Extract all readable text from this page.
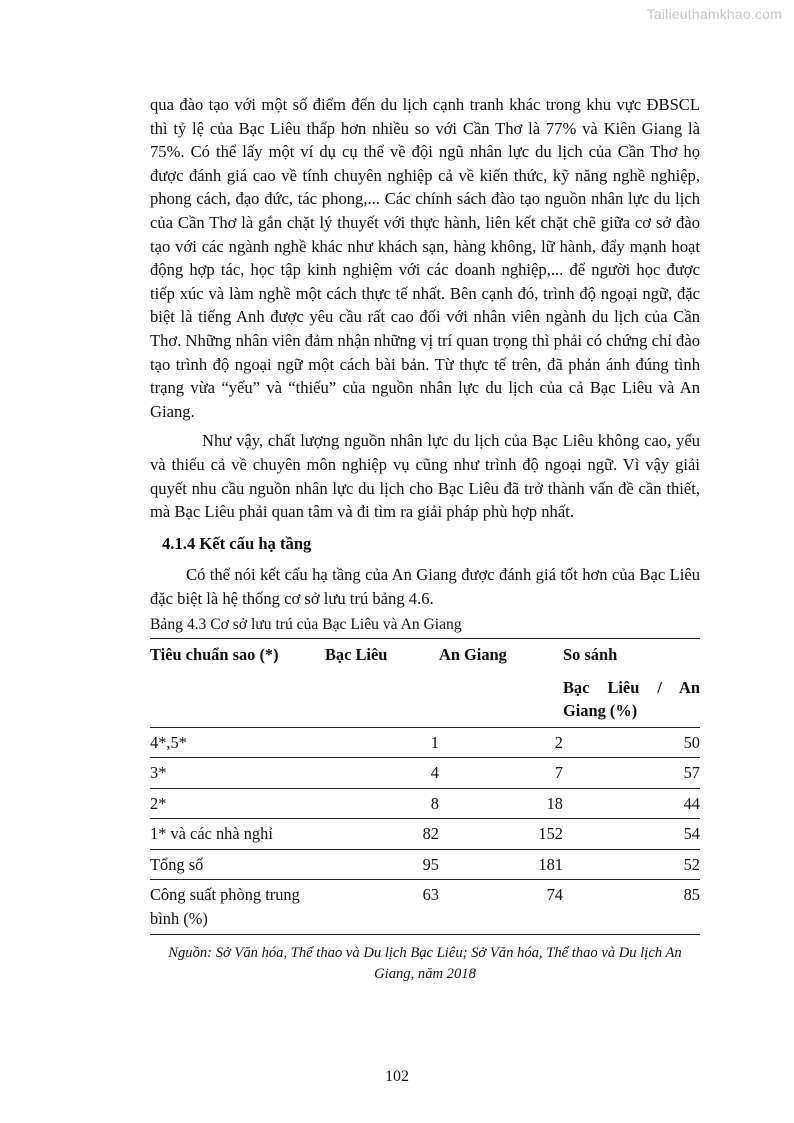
Tailieuthamkhao.com

qua đào tạo với một số điểm đến du lịch cạnh tranh khác trong khu vực ĐBSCL thì tỷ lệ của Bạc Liêu thấp hơn nhiều so với Cần Thơ là 77% và Kiên Giang là 75%. Có thể lấy một ví dụ cụ thể về đội ngũ nhân lực du lịch của Cần Thơ họ được đánh giá cao về tính chuyên nghiệp cả về kiến thức, kỹ năng nghề nghiệp, phong cách, đạo đức, tác phong,... Các chính sách đào tạo nguồn nhân lực du lịch của Cần Thơ là gắn chặt lý thuyết với thực hành, liên kết chặt chẽ giữa cơ sở đào tạo với các ngành nghề khác như khách sạn, hàng không, lữ hành, đẩy mạnh hoạt động hợp tác, học tập kinh nghiệm với các doanh nghiệp,... để người học được tiếp xúc và làm nghề một cách thực tế nhất. Bên cạnh đó, trình độ ngoại ngữ, đặc biệt là tiếng Anh được yêu cầu rất cao đối với nhân viên ngành du lịch của Cần Thơ. Những nhân viên đảm nhận những vị trí quan trọng thì phải có chứng chỉ đào tạo trình độ ngoại ngữ một cách bài bản. Từ thực tế trên, đã phản ánh đúng tình trạng vừa “yếu” và “thiếu” của nguồn nhân lực du lịch của cả Bạc Liêu và An Giang.

Như vậy, chất lượng nguồn nhân lực du lịch của Bạc Liêu không cao, yếu và thiếu cả về chuyên môn nghiệp vụ cũng như trình độ ngoại ngữ. Vì vậy giải quyết nhu cầu nguồn nhân lực du lịch cho Bạc Liêu đã trở thành vấn đề cần thiết, mà Bạc Liêu phải quan tâm và đi tìm ra giải pháp phù hợp nhất.

4.1.4 Kết cấu hạ tầng

Có thể nói kết cấu hạ tầng của An Giang được đánh giá tốt hơn của Bạc Liêu đặc biệt là hệ thống cơ sở lưu trú bảng 4.6.

Bảng 4.3 Cơ sở lưu trú của Bạc Liêu và An Giang
Tiêu chuẩn sao (*)	Bạc Liêu	An Giang	So sánh
Bạc Liêu / An Giang (%)

4*,5*	1	2	50
3*	4	7	57
2*	8	18	44
1* và các nhà nghỉ	82	152	54
Tổng số	95	181	52
Công suất phòng trung bình (%)	63	74	85
Nguồn: Sở Văn hóa, Thể thao và Du lịch Bạc Liêu; Sở Văn hóa, Thể thao và Du lịch An Giang, năm 2018
102
